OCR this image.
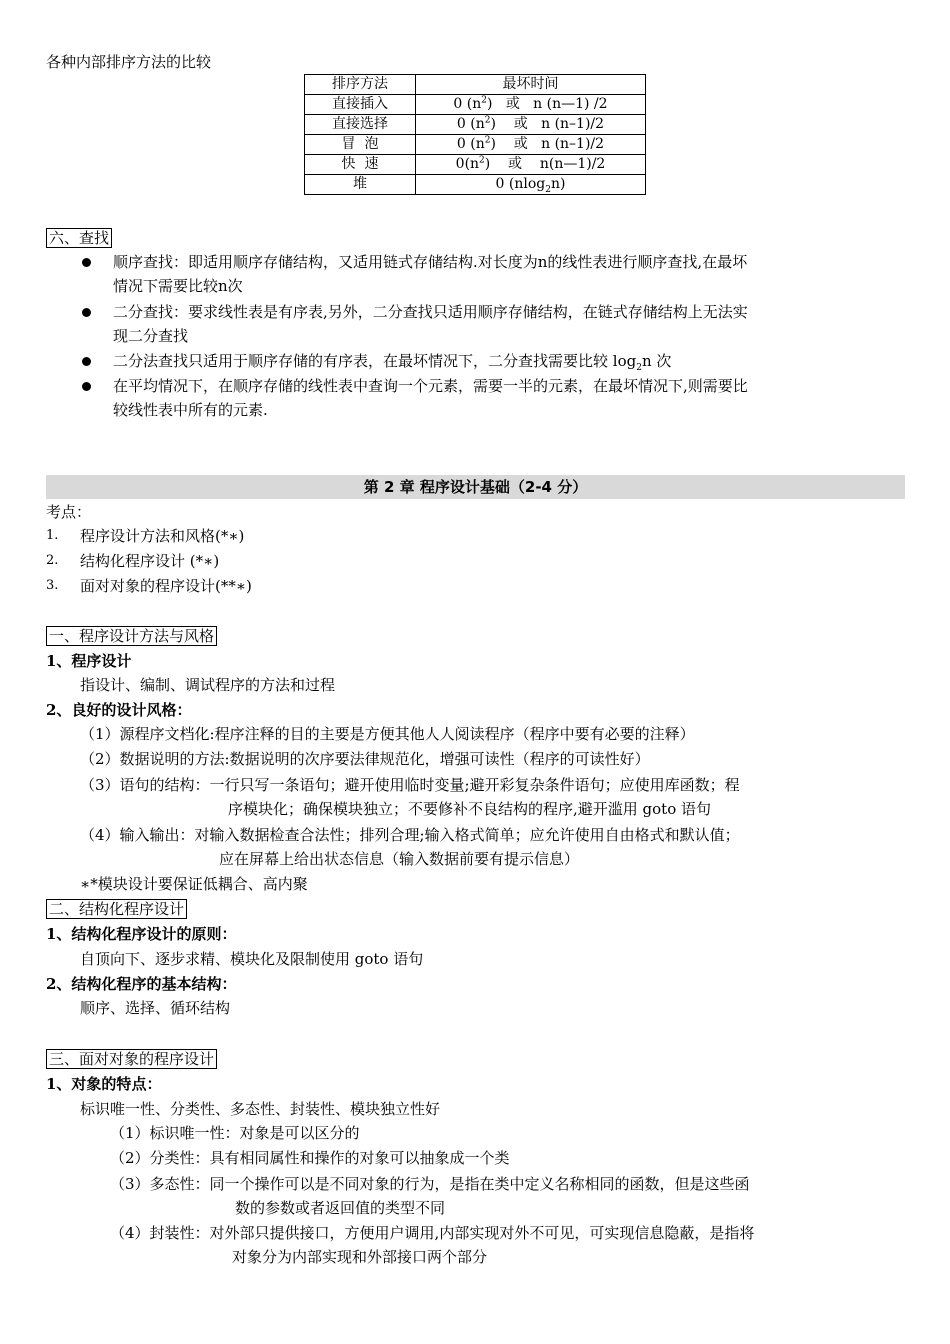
各种内部排序方法的比较
排序方法	最坏时间
直接插入	0 $(n^2)$   或   n (n—1) /2
直接选择	0 $(n^2)$    或   n (n–1)/2
冒  泡	0 $(n^2)$    或   n (n–1)/2
快  速	$0(n^2)$    或    n(n—1)/2
堆	0 (nlog$_2$n)
六、查找
顺序查找：即适用顺序存储结构，又适用链式存储结构.对长度为n的线性表进行顺序查找,在最坏
情况下需要比较n次
二分查找：要求线性表是有序表,另外，二分查找只适用顺序存储结构，在链式存储结构上无法实
现二分查找
二分法查找只适用于顺序存储的有序表，在最坏情况下，二分查找需要比较 $\log_2n$ 次
在平均情况下，在顺序存储的线性表中查询一个元素，需要一半的元素，在最坏情况下,则需要比
较线性表中所有的元素.
第 2 章 程序设计基础（2-4 分）
考点：
1. 程序设计方法和风格(*∗)
2. 结构化程序设计 (*∗)
3. 面对对象的程序设计(**∗)
一、程序设计方法与风格
1、程序设计
指设计、编制、调试程序的方法和过程
2、良好的设计风格：
（1）源程序文档化:程序注释的目的主要是方便其他人人阅读程序（程序中要有必要的注释）
（2）数据说明的方法:数据说明的次序要法律规范化，增强可读性（程序的可读性好）
（3）语句的结构：一行只写一条语句；避开使用临时变量;避开彩复杂条件语句；应使用库函数；程
序模块化；确保模块独立；不要修补不良结构的程序,避开滥用 goto 语句
（4）输入输出：对输入数据检查合法性；排列合理;输入格式简单；应允许使用自由格式和默认值；
应在屏幕上给出状态信息（输入数据前要有提示信息）
∗*模块设计要保证低耦合、高内聚
二、结构化程序设计
1、结构化程序设计的原则：
自顶向下、逐步求精、模块化及限制使用 goto 语句
2、结构化程序的基本结构：
顺序、选择、循环结构
三、面对对象的程序设计
1、对象的特点：
标识唯一性、分类性、多态性、封装性、模块独立性好
（1）标识唯一性：对象是可以区分的
（2）分类性：具有相同属性和操作的对象可以抽象成一个类
（3）多态性：同一个操作可以是不同对象的行为，是指在类中定义名称相同的函数，但是这些函
数的参数或者返回值的类型不同
（4）封装性：对外部只提供接口，方便用户调用,内部实现对外不可见，可实现信息隐蔽，是指将
对象分为内部实现和外部接口两个部分
